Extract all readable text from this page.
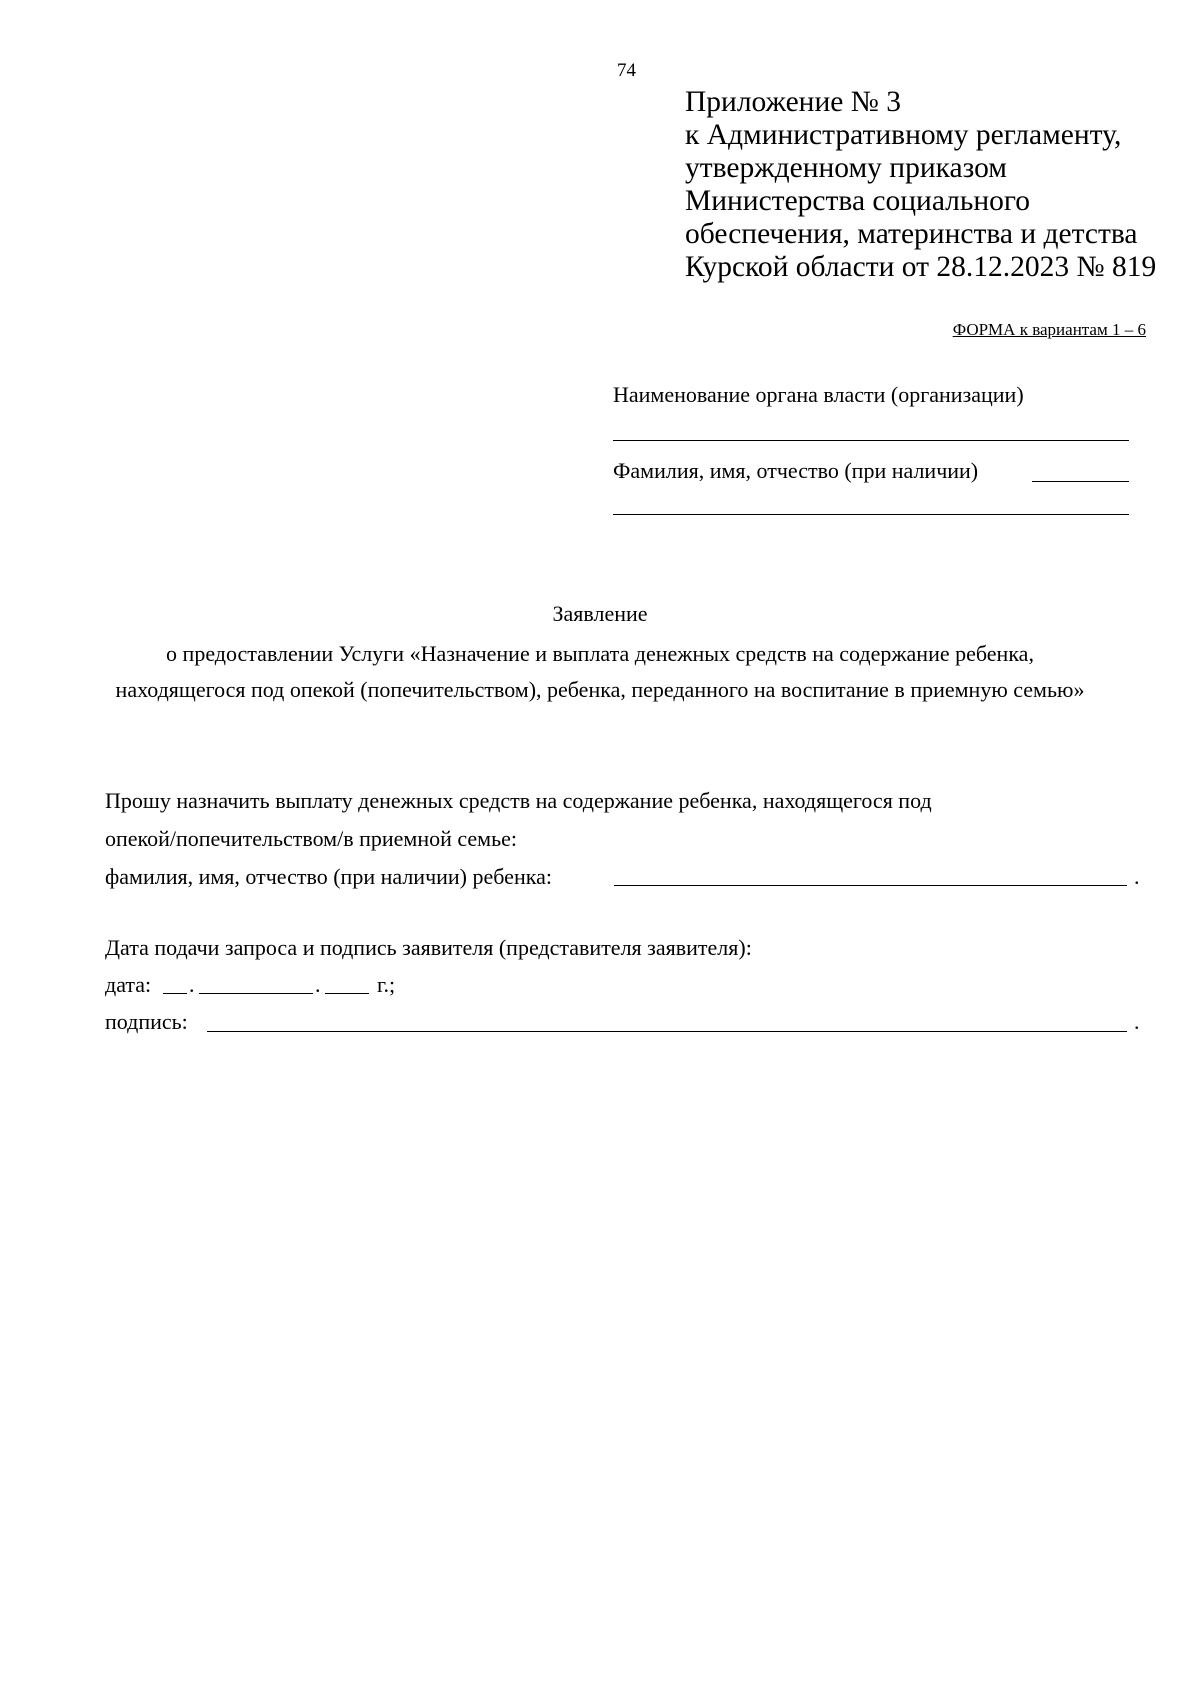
74
Приложение № 3
к Административному регламенту,
утвержденному приказом
Министерства социального
обеспечения, материнства и детства
Курской области от 28.12.2023 № 819
ФОРМА к вариантам 1 – 6
Наименование органа власти (организации)
Фамилия, имя, отчество (при наличии)
Заявление
о предоставлении Услуги «Назначение и выплата денежных средств на содержание ребенка, находящегося под опекой (попечительством), ребенка, переданного на воспитание в приемную семью»
Прошу назначить выплату денежных средств на содержание ребенка, находящегося под
опекой/попечительством/в приемной семье:
фамилия, имя, отчество (при наличии) ребенка:	.
Дата подачи запроса и подпись заявителя (представителя заявителя):
дата: .	.	г.;
подпись:	.
